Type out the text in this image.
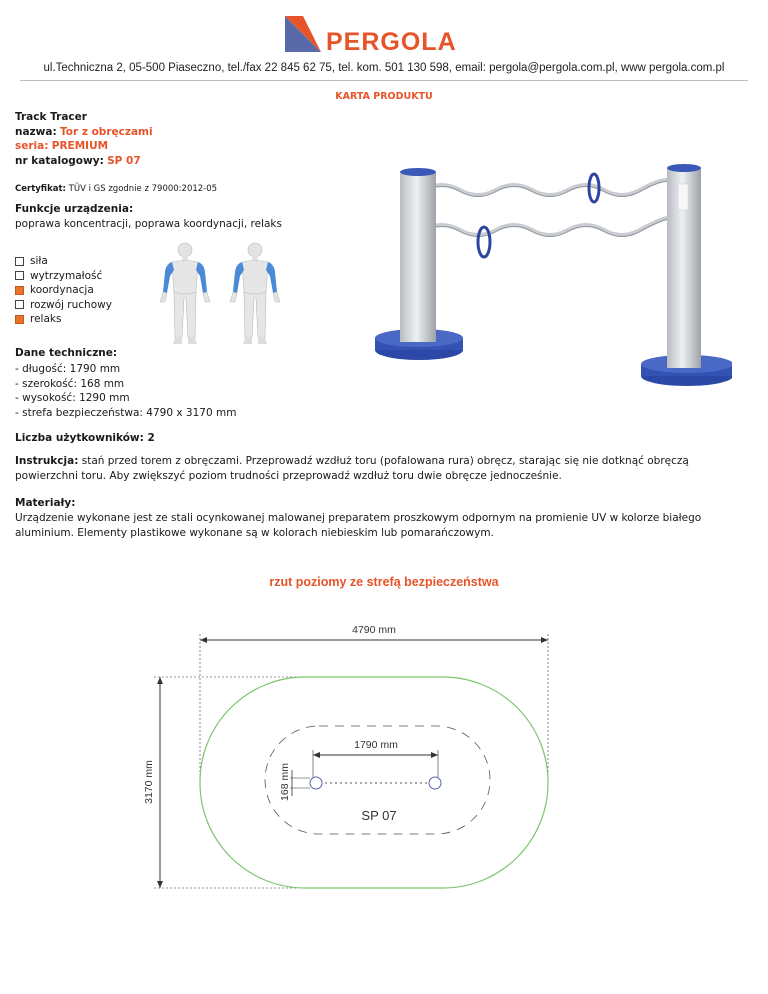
PERGOLA
ul.Techniczna 2, 05-500 Piaseczno, tel./fax 22 845 62 75, tel. kom. 501 130 598, email: pergola@pergola.com.pl, www pergola.com.pl
KARTA PRODUKTU
Track Tracer
nazwa: Tor z obręczami
seria: PREMIUM
nr katalogowy: SP 07
Certyfikat: TÜV i GS zgodnie z 79000:2012-05
Funkcje urządzenia:
poprawa koncentracji, poprawa koordynacji, relaks
siła
wytrzymałość
koordynacja
rozwój ruchowy
relaks
Dane techniczne:
- długość: 1790 mm
- szerokość: 168 mm
- wysokość: 1290 mm
- strefa bezpieczeństwa: 4790 x 3170 mm
Liczba użytkowników: 2
Instrukcja: stań przed torem z obręczami. Przeprowadź wzdłuż toru (pofalowana rura) obręcz, starając się nie dotknąć obręczą powierzchni toru. Aby zwiększyć poziom trudności przeprowadź wzdłuż toru dwie obręcze jednocześnie.
Materiały:
Urządzenie wykonane jest ze stali ocynkowanej malowanej preparatem proszkowym odpornym na promienie UV w kolorze białego aluminium. Elementy plastikowe wykonane są w kolorach niebieskim lub pomarańczowym.
rzut poziomy ze strefą bezpieczeństwa
4790 mm
3170 mm
1790 mm
168 mm
SP 07
